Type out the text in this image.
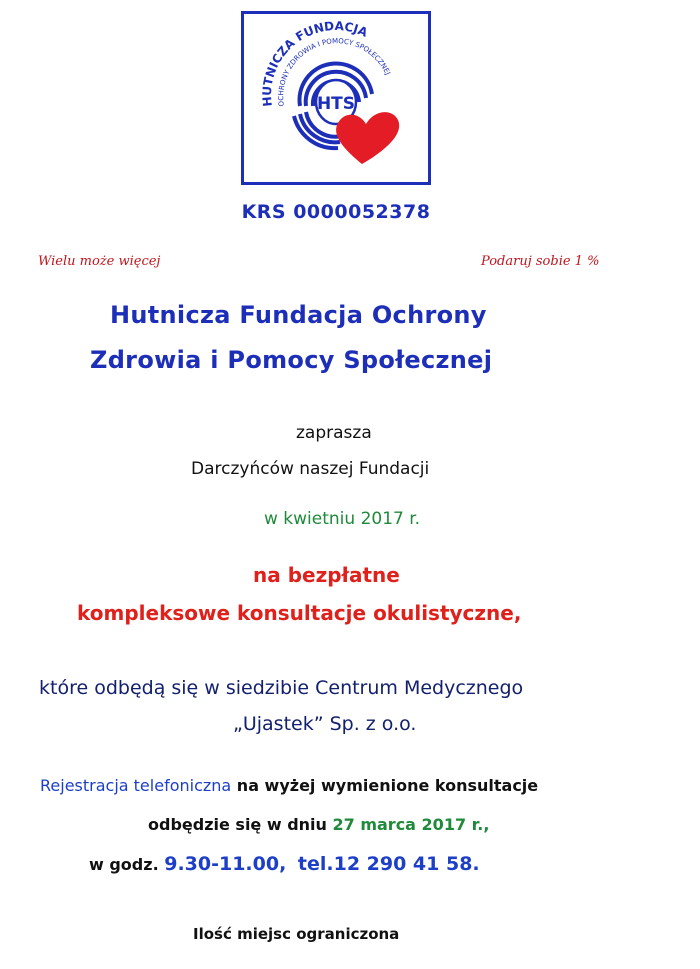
HTS
HUTNICZA FUNDACJA
OCHRONY ZDROWIA I POMOCY SPOŁECZNEJ
KRS 0000052378
Wielu może więcej	Podaruj sobie 1 %
Hutnicza Fundacja Ochrony
Zdrowia i Pomocy Społecznej
zaprasza
Darczyńców naszej Fundacji
w kwietniu 2017 r.
na bezpłatne
kompleksowe konsultacje okulistyczne,
które odbędą się w siedzibie Centrum Medycznego
„Ujastek” Sp. z o.o.
Rejestracja telefoniczna na wyżej wymienione konsultacje
odbędzie się w dniu 27 marca 2017 r.,
w godz. 9.30-11.00, tel.12 290 41 58.
Ilość miejsc ograniczona
